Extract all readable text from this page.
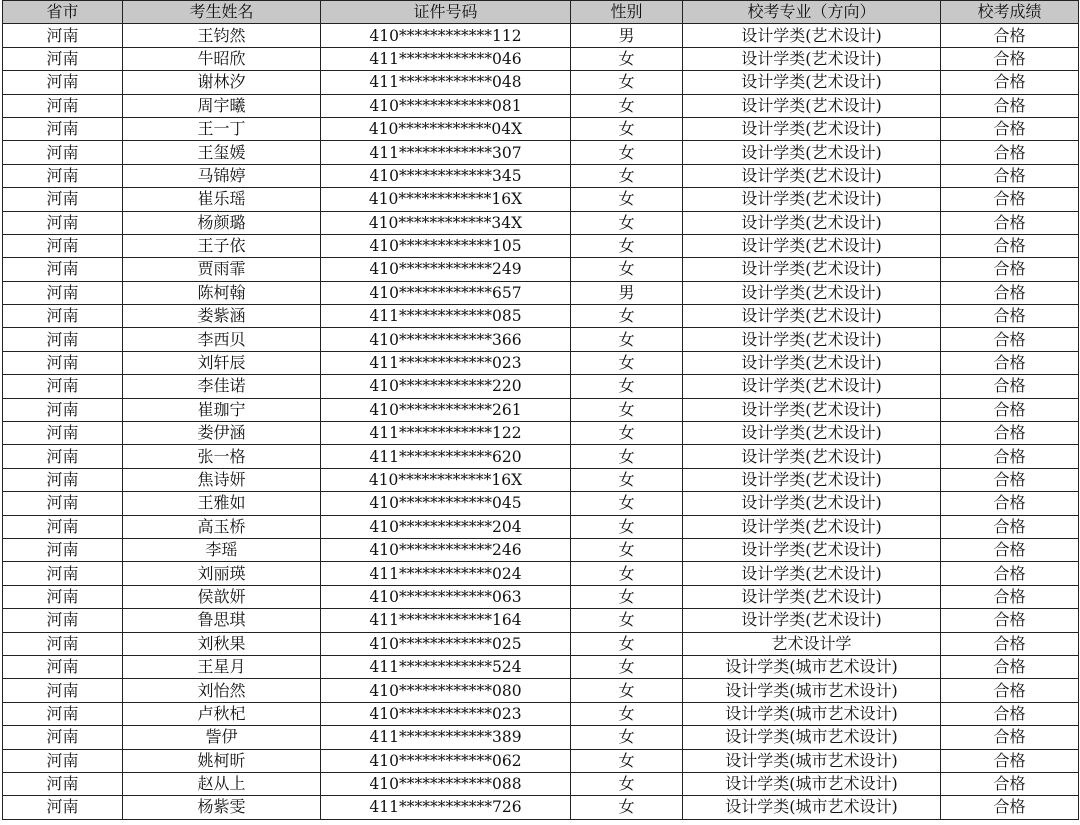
省市	考生姓名	证件号码	性别	校考专业（方向）	校考成绩
河南	王钧然	410************112	男	设计学类(艺术设计)	合格
河南	牛昭欣	411************046	女	设计学类(艺术设计)	合格
河南	谢林汐	411************048	女	设计学类(艺术设计)	合格
河南	周宇曦	410************081	女	设计学类(艺术设计)	合格
河南	王一丁	410************04X	女	设计学类(艺术设计)	合格
河南	王玺媛	411************307	女	设计学类(艺术设计)	合格
河南	马锦婷	410************345	女	设计学类(艺术设计)	合格
河南	崔乐瑶	410************16X	女	设计学类(艺术设计)	合格
河南	杨颜璐	410************34X	女	设计学类(艺术设计)	合格
河南	王子依	410************105	女	设计学类(艺术设计)	合格
河南	贾雨霏	410************249	女	设计学类(艺术设计)	合格
河南	陈柯翰	410************657	男	设计学类(艺术设计)	合格
河南	娄紫涵	411************085	女	设计学类(艺术设计)	合格
河南	李西贝	410************366	女	设计学类(艺术设计)	合格
河南	刘轩辰	411************023	女	设计学类(艺术设计)	合格
河南	李佳诺	410************220	女	设计学类(艺术设计)	合格
河南	崔珈宁	410************261	女	设计学类(艺术设计)	合格
河南	娄伊涵	411************122	女	设计学类(艺术设计)	合格
河南	张一格	411************620	女	设计学类(艺术设计)	合格
河南	焦诗妍	410************16X	女	设计学类(艺术设计)	合格
河南	王雅如	410************045	女	设计学类(艺术设计)	合格
河南	高玉桥	410************204	女	设计学类(艺术设计)	合格
河南	李瑶	410************246	女	设计学类(艺术设计)	合格
河南	刘丽瑛	411************024	女	设计学类(艺术设计)	合格
河南	侯歆妍	410************063	女	设计学类(艺术设计)	合格
河南	鲁思琪	411************164	女	设计学类(艺术设计)	合格
河南	刘秋果	410************025	女	艺术设计学	合格
河南	王星月	411************524	女	设计学类(城市艺术设计)	合格
河南	刘怡然	410************080	女	设计学类(城市艺术设计)	合格
河南	卢秋杞	410************023	女	设计学类(城市艺术设计)	合格
河南	訾伊	411************389	女	设计学类(城市艺术设计)	合格
河南	姚柯昕	410************062	女	设计学类(城市艺术设计)	合格
河南	赵从上	410************088	女	设计学类(城市艺术设计)	合格
河南	杨紫雯	411************726	女	设计学类(城市艺术设计)	合格
